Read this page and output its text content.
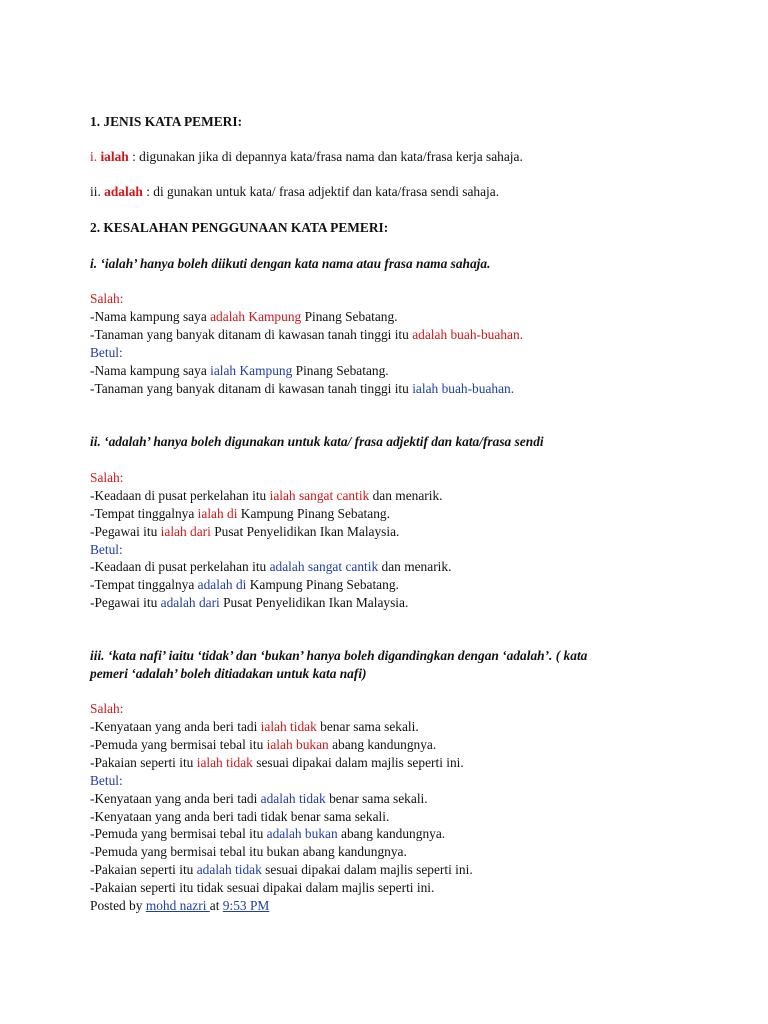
1. JENIS KATA PEMERI:
i. ialah : digunakan jika di depannya kata/frasa nama dan kata/frasa kerja sahaja.
ii. adalah : di gunakan untuk kata/ frasa adjektif dan kata/frasa sendi sahaja.
2. KESALAHAN PENGGUNAAN KATA PEMERI:
i. ‘ialah’ hanya boleh diikuti dengan kata nama atau frasa nama sahaja.
Salah:
-Nama kampung saya adalah Kampung Pinang Sebatang.
-Tanaman yang banyak ditanam di kawasan tanah tinggi itu adalah buah-buahan.
Betul:
-Nama kampung saya ialah Kampung Pinang Sebatang.
-Tanaman yang banyak ditanam di kawasan tanah tinggi itu ialah buah-buahan.
ii. ‘adalah’ hanya boleh digunakan untuk kata/ frasa adjektif dan kata/frasa sendi
Salah:
-Keadaan di pusat perkelahan itu ialah sangat cantik dan menarik.
-Tempat tinggalnya ialah di Kampung Pinang Sebatang.
-Pegawai itu ialah dari Pusat Penyelidikan Ikan Malaysia.
Betul:
-Keadaan di pusat perkelahan itu adalah sangat cantik dan menarik.
-Tempat tinggalnya adalah di Kampung Pinang Sebatang.
-Pegawai itu adalah dari Pusat Penyelidikan Ikan Malaysia.
iii. ‘kata nafi’ iaitu ‘tidak’ dan ‘bukan’ hanya boleh digandingkan dengan ‘adalah’. ( kata
pemeri ‘adalah’ boleh ditiadakan untuk kata nafi)
Salah:
-Kenyataan yang anda beri tadi ialah tidak benar sama sekali.
-Pemuda yang bermisai tebal itu ialah bukan abang kandungnya.
-Pakaian seperti itu ialah tidak sesuai dipakai dalam majlis seperti ini.
Betul:
-Kenyataan yang anda beri tadi adalah tidak benar sama sekali.
-Kenyataan yang anda beri tadi tidak benar sama sekali.
-Pemuda yang bermisai tebal itu adalah bukan abang kandungnya.
-Pemuda yang bermisai tebal itu bukan abang kandungnya.
-Pakaian seperti itu adalah tidak sesuai dipakai dalam majlis seperti ini.
-Pakaian seperti itu tidak sesuai dipakai dalam majlis seperti ini.
Posted by mohd nazri at 9:53 PM
